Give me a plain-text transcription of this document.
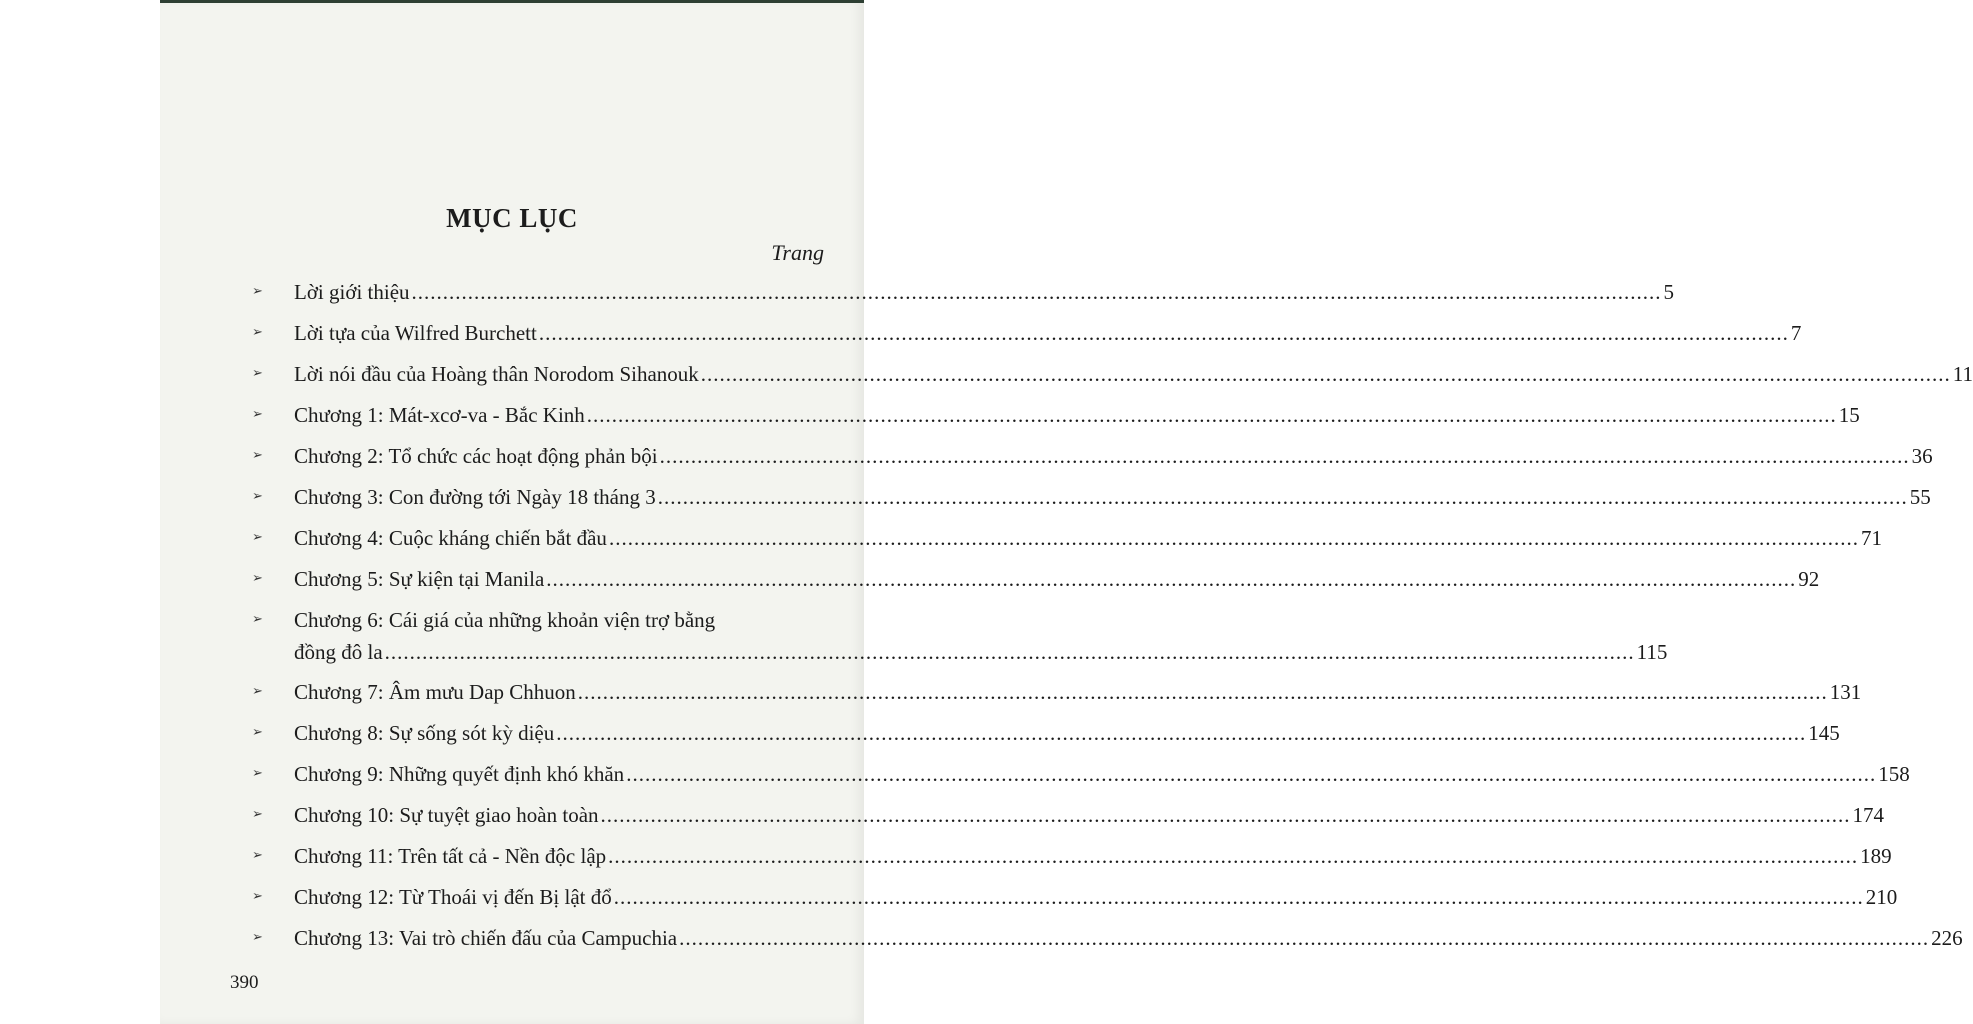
MỤC LỤC
Trang
➢ Lời giới thiệu ........................................................................................................................................................................................................ 5
➢ Lời tựa của Wilfred Burchett ........................................................................................................................................................................................................ 7
➢ Lời nói đầu của Hoàng thân Norodom Sihanouk ........................................................................................................................................................................................................ 11
➢ Chương 1: Mát-xcơ-va - Bắc Kinh ........................................................................................................................................................................................................ 15
➢ Chương 2: Tổ chức các hoạt động phản bội ........................................................................................................................................................................................................ 36
➢ Chương 3: Con đường tới Ngày 18 tháng 3 ........................................................................................................................................................................................................ 55
➢ Chương 4: Cuộc kháng chiến bắt đầu ........................................................................................................................................................................................................ 71
➢ Chương 5: Sự kiện tại Manila ........................................................................................................................................................................................................ 92
➢ Chương 6: Cái giá của những khoản viện trợ bằng
đồng đô la ........................................................................................................................................................................................................ 115
➢ Chương 7: Âm mưu Dap Chhuon ........................................................................................................................................................................................................ 131
➢ Chương 8: Sự sống sót kỳ diệu ........................................................................................................................................................................................................ 145
➢ Chương 9: Những quyết định khó khăn ........................................................................................................................................................................................................ 158
➢ Chương 10: Sự tuyệt giao hoàn toàn ........................................................................................................................................................................................................ 174
➢ Chương 11: Trên tất cả - Nền độc lập ........................................................................................................................................................................................................ 189
➢ Chương 12: Từ Thoái vị đến Bị lật đổ ........................................................................................................................................................................................................ 210
➢ Chương 13: Vai trò chiến đấu của Campuchia ........................................................................................................................................................................................................ 226
390
